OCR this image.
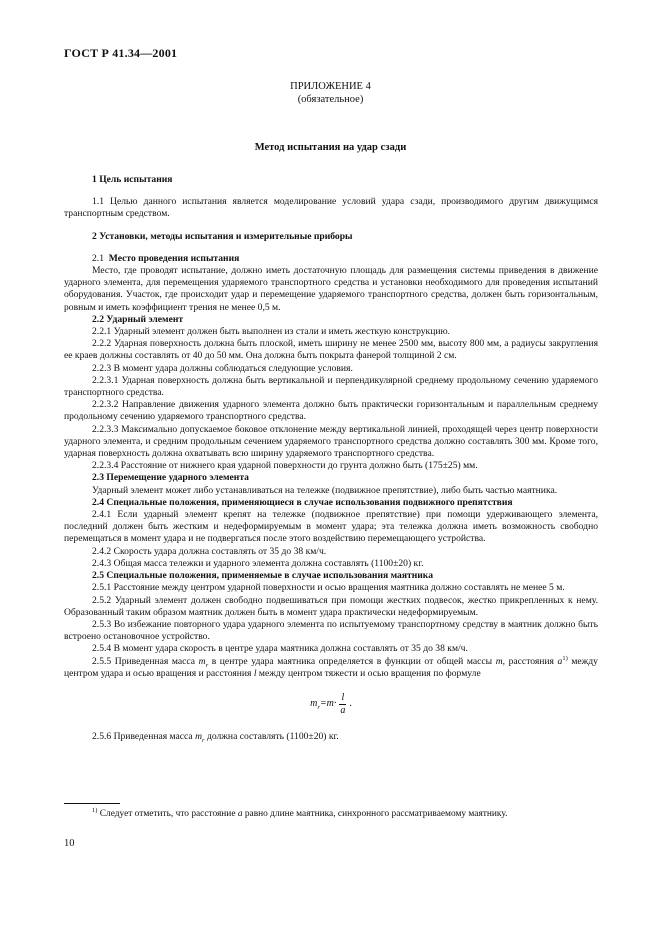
ГОСТ Р 41.34—2001
ПРИЛОЖЕНИЕ 4
(обязательное)
Метод испытания на удар сзади
1 Цель испытания

1.1 Целью данного испытания является моделирование условий удара сзади, производимого другим движущимся транспортным средством.

2 Установки, методы испытания и измерительные приборы

2.1 Место проведения испытания

Место, где проводят испытание, должно иметь достаточную площадь для размещения системы приведения в движение ударного элемента, для перемещения ударяемого транспортного средства и установки необходимого для проведения испытаний оборудования. Участок, где происходит удар и перемещение ударяемого транспортного средства, должен быть горизонтальным, ровным и иметь коэффициент трения не менее 0,5 м.

2.2 Ударный элемент

2.2.1 Ударный элемент должен быть выполнен из стали и иметь жесткую конструкцию.

2.2.2 Ударная поверхность должна быть плоской, иметь ширину не менее 2500 мм, высоту 800 мм, а радиусы закругления ее краев должны составлять от 40 до 50 мм. Она должна быть покрыта фанерой толщиной 2 см.

2.2.3 В момент удара должны соблюдаться следующие условия.

2.2.3.1 Ударная поверхность должна быть вертикальной и перпендикулярной среднему продольному сечению ударяемого транспортного средства.

2.2.3.2 Направление движения ударного элемента должно быть практически горизонтальным и параллельным среднему продольному сечению ударяемого транспортного средства.

2.2.3.3 Максимально допускаемое боковое отклонение между вертикальной линией, проходящей через центр поверхности ударного элемента, и средним продольным сечением ударяемого транспортного средства должно составлять 300 мм. Кроме того, ударная поверхность должна охватывать всю ширину ударяемого транспортного средства.

2.2.3.4 Расстояние от нижнего края ударной поверхности до грунта должно быть (175±25) мм.

2.3 Перемещение ударного элемента

Ударный элемент может либо устанавливаться на тележке (подвижное препятствие), либо быть частью маятника.

2.4 Специальные положения, применяющиеся в случае использования подвижного препятствия

2.4.1 Если ударный элемент крепят на тележке (подвижное препятствие) при помощи удерживающего элемента, последний должен быть жестким и недеформируемым в момент удара; эта тележка должна иметь возможность свободно перемещаться в момент удара и не подвергаться после этого воздействию перемещающего устройства.

2.4.2 Скорость удара должна составлять от 35 до 38 км/ч.

2.4.3 Общая масса тележки и ударного элемента должна составлять (1100±20) кг.

2.5 Специальные положения, применяемые в случае использования маятника

2.5.1 Расстояние между центром ударной поверхности и осью вращения маятника должно составлять не менее 5 м.

2.5.2 Ударный элемент должен свободно подвешиваться при помощи жестких подвесок, жестко прикрепленных к нему. Образованный таким образом маятник должен быть в момент удара практически недеформируемым.

2.5.3 Во избежание повторного удара ударного элемента по испытуемому транспортному средству в маятник должно быть встроено остановочное устройство.

2.5.4 В момент удара скорость в центре удара маятника должна составлять от 35 до 38 км/ч.

2.5.5 Приведенная масса $m_r$ в центре удара маятника определяется в функции от общей массы m, расстояния $a^{1)}$ между центром удара и осью вращения и расстояния l между центром тяжести и осью вращения по формуле

$m_r = m \cdot \frac{l}{a}$ .

2.5.6 Приведенная масса $m_r$ должна составлять (1100±20) кг.

$^{1)}$ Следует отметить, что расстояние a равно длине маятника, синхронного рассматриваемому маятнику.
10
